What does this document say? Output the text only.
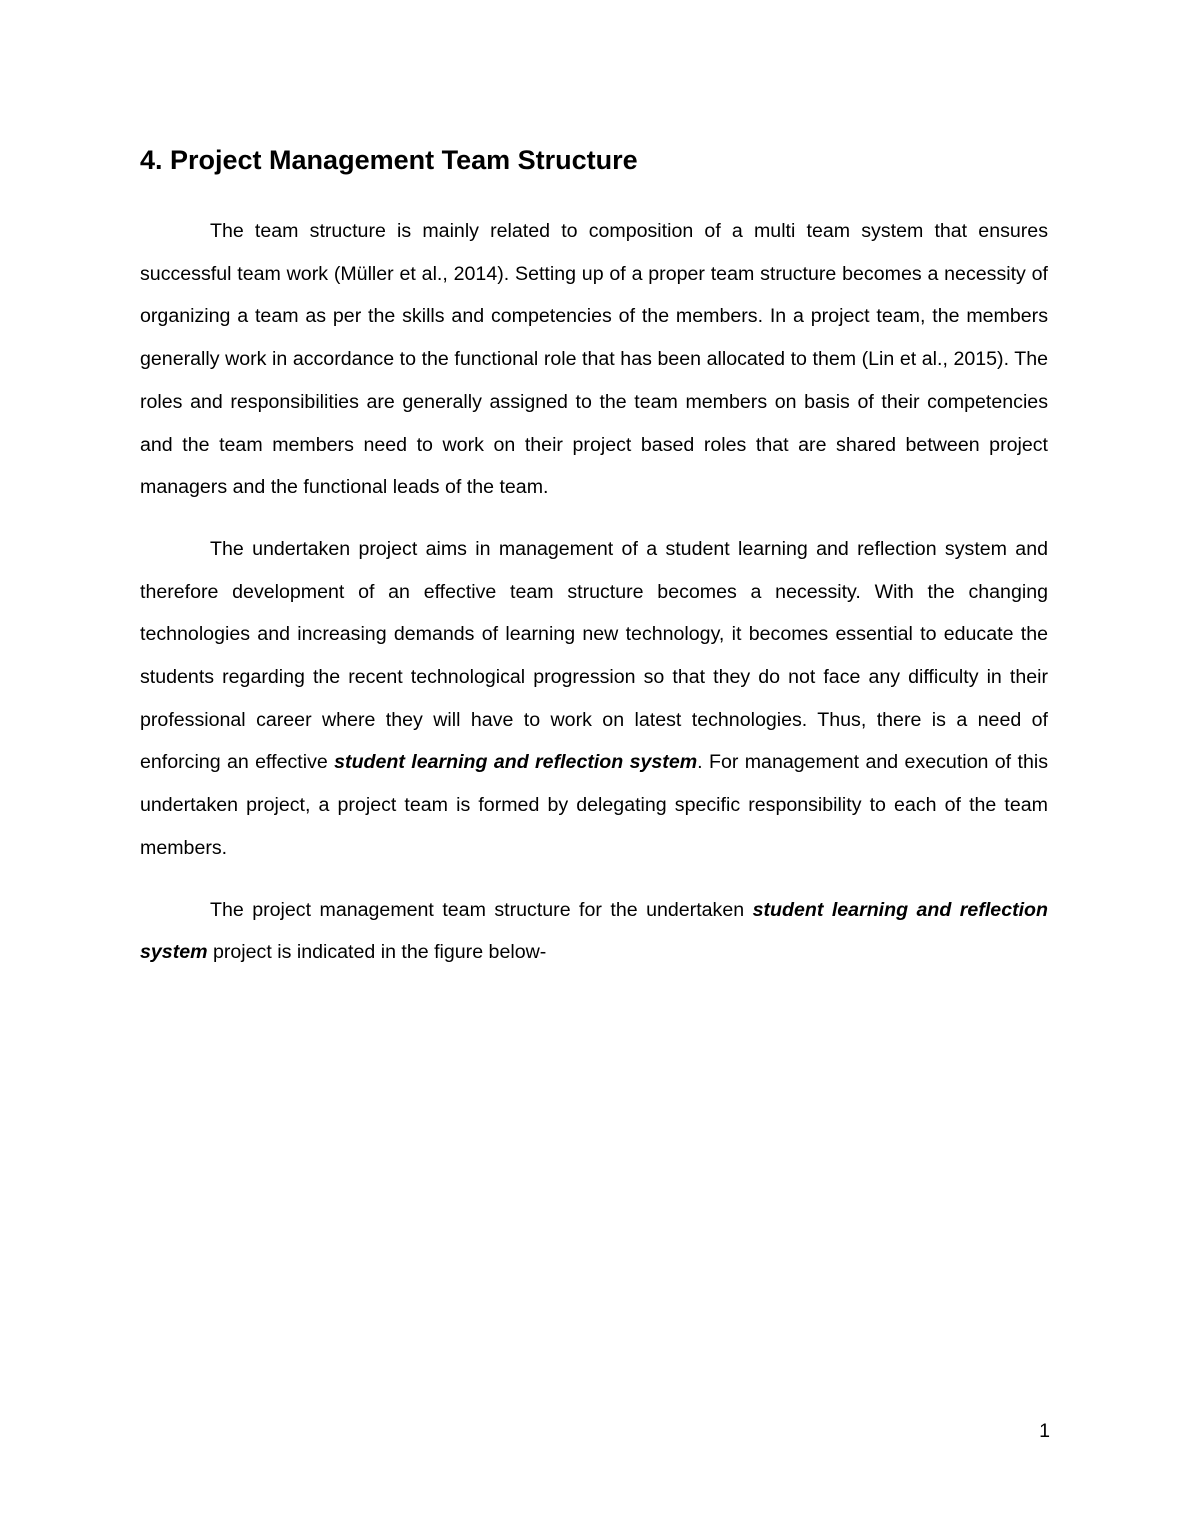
4. Project Management Team Structure

The team structure is mainly related to composition of a multi team system that ensures successful team work (Müller et al., 2014). Setting up of a proper team structure becomes a necessity of organizing a team as per the skills and competencies of the members. In a project team, the members generally work in accordance to the functional role that has been allocated to them (Lin et al., 2015). The roles and responsibilities are generally assigned to the team members on basis of their competencies and the team members need to work on their project based roles that are shared between project managers and the functional leads of the team.

The undertaken project aims in management of a student learning and reflection system and therefore development of an effective team structure becomes a necessity. With the changing technologies and increasing demands of learning new technology, it becomes essential to educate the students regarding the recent technological progression so that they do not face any difficulty in their professional career where they will have to work on latest technologies. Thus, there is a need of enforcing an effective student learning and reflection system. For management and execution of this undertaken project, a project team is formed by delegating specific responsibility to each of the team members.

The project management team structure for the undertaken student learning and reflection system project is indicated in the figure below-

1
